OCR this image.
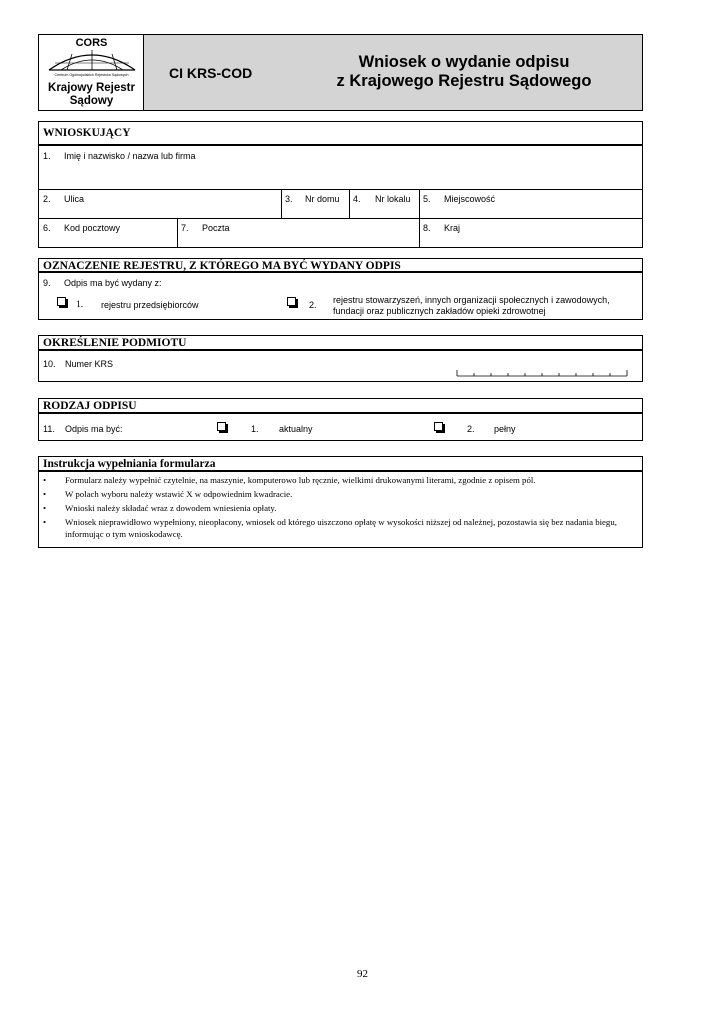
CORS
Centrum Ogólnopolskich Rejestrów Sądowych
Krajowy Rejestr Sądowy
CI KRS-COD
Wniosek o wydanie odpisu
z Krajowego Rejestru Sądowego
WNIOSKUJĄCY
1. Imię i nazwisko / nazwa lub firma
2. Ulica	3. Nr domu 4. Nr lokalu 5. Miejscowość
6. Kod pocztowy	7. Poczta	8. Kraj
OZNACZENIE REJESTRU, Z KTÓREGO MA BYĆ WYDANY ODPIS
9. Odpis ma być wydany z:
1. rejestru przedsiębiorców	2. rejestru stowarzyszeń, innych organizacji społecznych i zawodowych,
fundacji oraz publicznych zakładów opieki zdrowotnej
OKREŚLENIE PODMIOTU
10. Numer KRS
RODZAJ ODPISU
11. Odpis ma być:	1. aktualny	2. pełny
Instrukcja wypełniania formularza
• Formularz należy wypełnić czytelnie, na maszynie, komputerowo lub ręcznie, wielkimi drukowanymi literami, zgodnie z opisem pól.
• W polach wyboru należy wstawić X w odpowiednim kwadracie.
• Wnioski należy składać wraz z dowodem wniesienia opłaty.
• Wniosek nieprawidłowo wypełniony, nieopłacony, wniosek od którego uiszczono opłatę w wysokości niższej od należnej, pozostawia się bez nadania biegu, informując o tym wnioskodawcę.
92
